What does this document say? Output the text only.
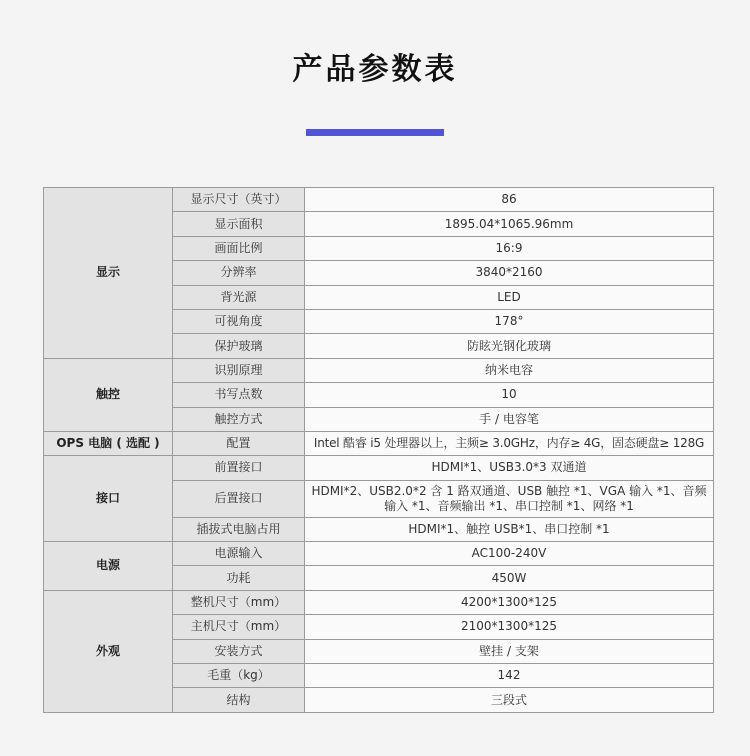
产品参数表
显示	显示尺寸（英寸）	86
	显示面积	1895.04*1065.96mm
	画面比例	16:9
	分辨率	3840*2160
	背光源	LED
	可视角度	178°
	保护玻璃	防眩光钢化玻璃
触控	识别原理	纳米电容
	书写点数	10
	触控方式	手 / 电容笔
OPS 电脑 ( 选配 )	配置	Intel 酷睿 i5 处理器以上，主频≥ 3.0GHz，内存≥ 4G，固态硬盘≥ 128G
接口	前置接口	HDMI*1、USB3.0*3 双通道
	后置接口	HDMI*2、USB2.0*2 含 1 路双通道、USB 触控 *1、VGA 输入 *1、音频输入 *1、音频输出 *1、串口控制 *1、网络 *1
	插拔式电脑占用	HDMI*1、触控 USB*1、串口控制 *1
电源	电源输入	AC100-240V
	功耗	450W
外观	整机尺寸（mm）	4200*1300*125
	主机尺寸（mm）	2100*1300*125
	安装方式	壁挂 / 支架
	毛重（kg）	142
	结构	三段式
